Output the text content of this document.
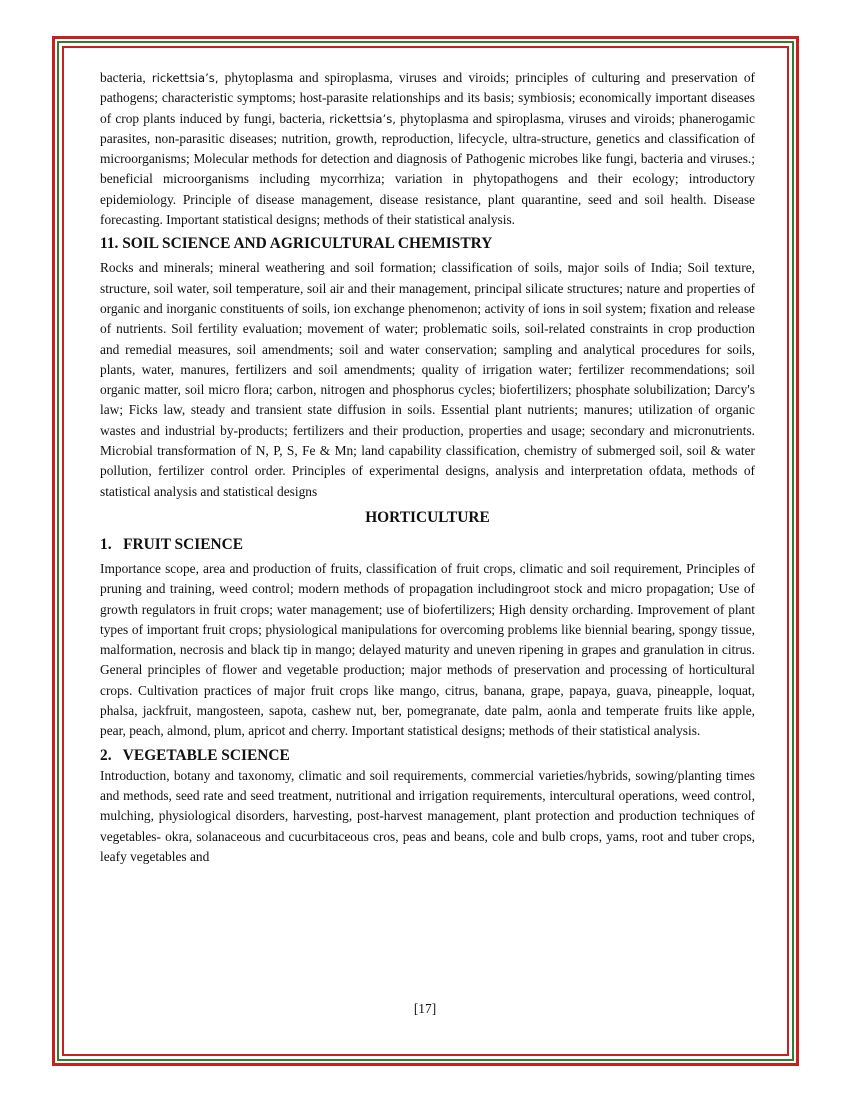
bacteria, rickettsia’s, phytoplasma and spiroplasma, viruses and viroids; principles of culturing and preservation of pathogens; characteristic symptoms; host-parasite relationships and its basis; symbiosis; economically important diseases of crop plants induced by fungi, bacteria, rickettsia’s, phytoplasma and spiroplasma, viruses and viroids; phanerogamic parasites, non-parasitic diseases; nutrition, growth, reproduction, lifecycle, ultra-structure, genetics and classification of microorganisms; Molecular methods for detection and diagnosis of Pathogenic microbes like fungi, bacteria and viruses.; beneficial microorganisms including mycorrhiza; variation in phytopathogens and their ecology; introductory epidemiology. Principle of disease management, disease resistance, plant quarantine, seed and soil health. Disease forecasting. Important statistical designs; methods of their statistical analysis.

11. SOIL SCIENCE AND AGRICULTURAL CHEMISTRY

Rocks and minerals; mineral weathering and soil formation; classification of soils, major soils of India; Soil texture, structure, soil water, soil temperature, soil air and their management, principal silicate structures; nature and properties of organic and inorganic constituents of soils, ion exchange phenomenon; activity of ions in soil system; fixation and release of nutrients. Soil fertility evaluation; movement of water; problematic soils, soil-related constraints in crop production and remedial measures, soil amendments; soil and water conservation; sampling and analytical procedures for soils, plants, water, manures, fertilizers and soil amendments; quality of irrigation water; fertilizer recommendations; soil organic matter, soil micro flora; carbon, nitrogen and phosphorus cycles; biofertilizers; phosphate solubilization; Darcy's law; Ficks law, steady and transient state diffusion in soils. Essential plant nutrients; manures; utilization of organic wastes and industrial by-products; fertilizers and their production, properties and usage; secondary and micronutrients. Microbial transformation of N, P, S, Fe & Mn; land capability classification, chemistry of submerged soil, soil & water pollution, fertilizer control order. Principles of experimental designs, analysis and interpretation ofdata, methods of statistical analysis and statistical designs

HORTICULTURE
1.   FRUIT SCIENCE

Importance scope, area and production of fruits, classification of fruit crops, climatic and soil requirement, Principles of pruning and training, weed control; modern methods of propagation includingroot stock and micro propagation; Use of growth regulators in fruit crops; water management; use of biofertilizers; High density orcharding. Improvement of plant types of important fruit crops; physiological manipulations for overcoming problems like biennial bearing, spongy tissue, malformation, necrosis and black tip in mango; delayed maturity and uneven ripening in grapes and granulation in citrus. General principles of flower and vegetable production; major methods of preservation and processing of horticultural crops. Cultivation practices of major fruit crops like mango, citrus, banana, grape, papaya, guava, pineapple, loquat, phalsa, jackfruit, mangosteen, sapota, cashew nut, ber, pomegranate, date palm, aonla and temperate fruits like apple, pear, peach, almond, plum, apricot and cherry. Important statistical designs; methods of their statistical analysis.

2.   VEGETABLE SCIENCE

Introduction, botany and taxonomy, climatic and soil requirements, commercial varieties/hybrids, sowing/planting times and methods, seed rate and seed treatment, nutritional and irrigation requirements, intercultural operations, weed control, mulching, physiological disorders, harvesting, post-harvest management, plant protection and production techniques of vegetables- okra, solanaceous and cucurbitaceous cros, peas and beans, cole and bulb crops, yams, root and tuber crops, leafy vegetables and

[17]
